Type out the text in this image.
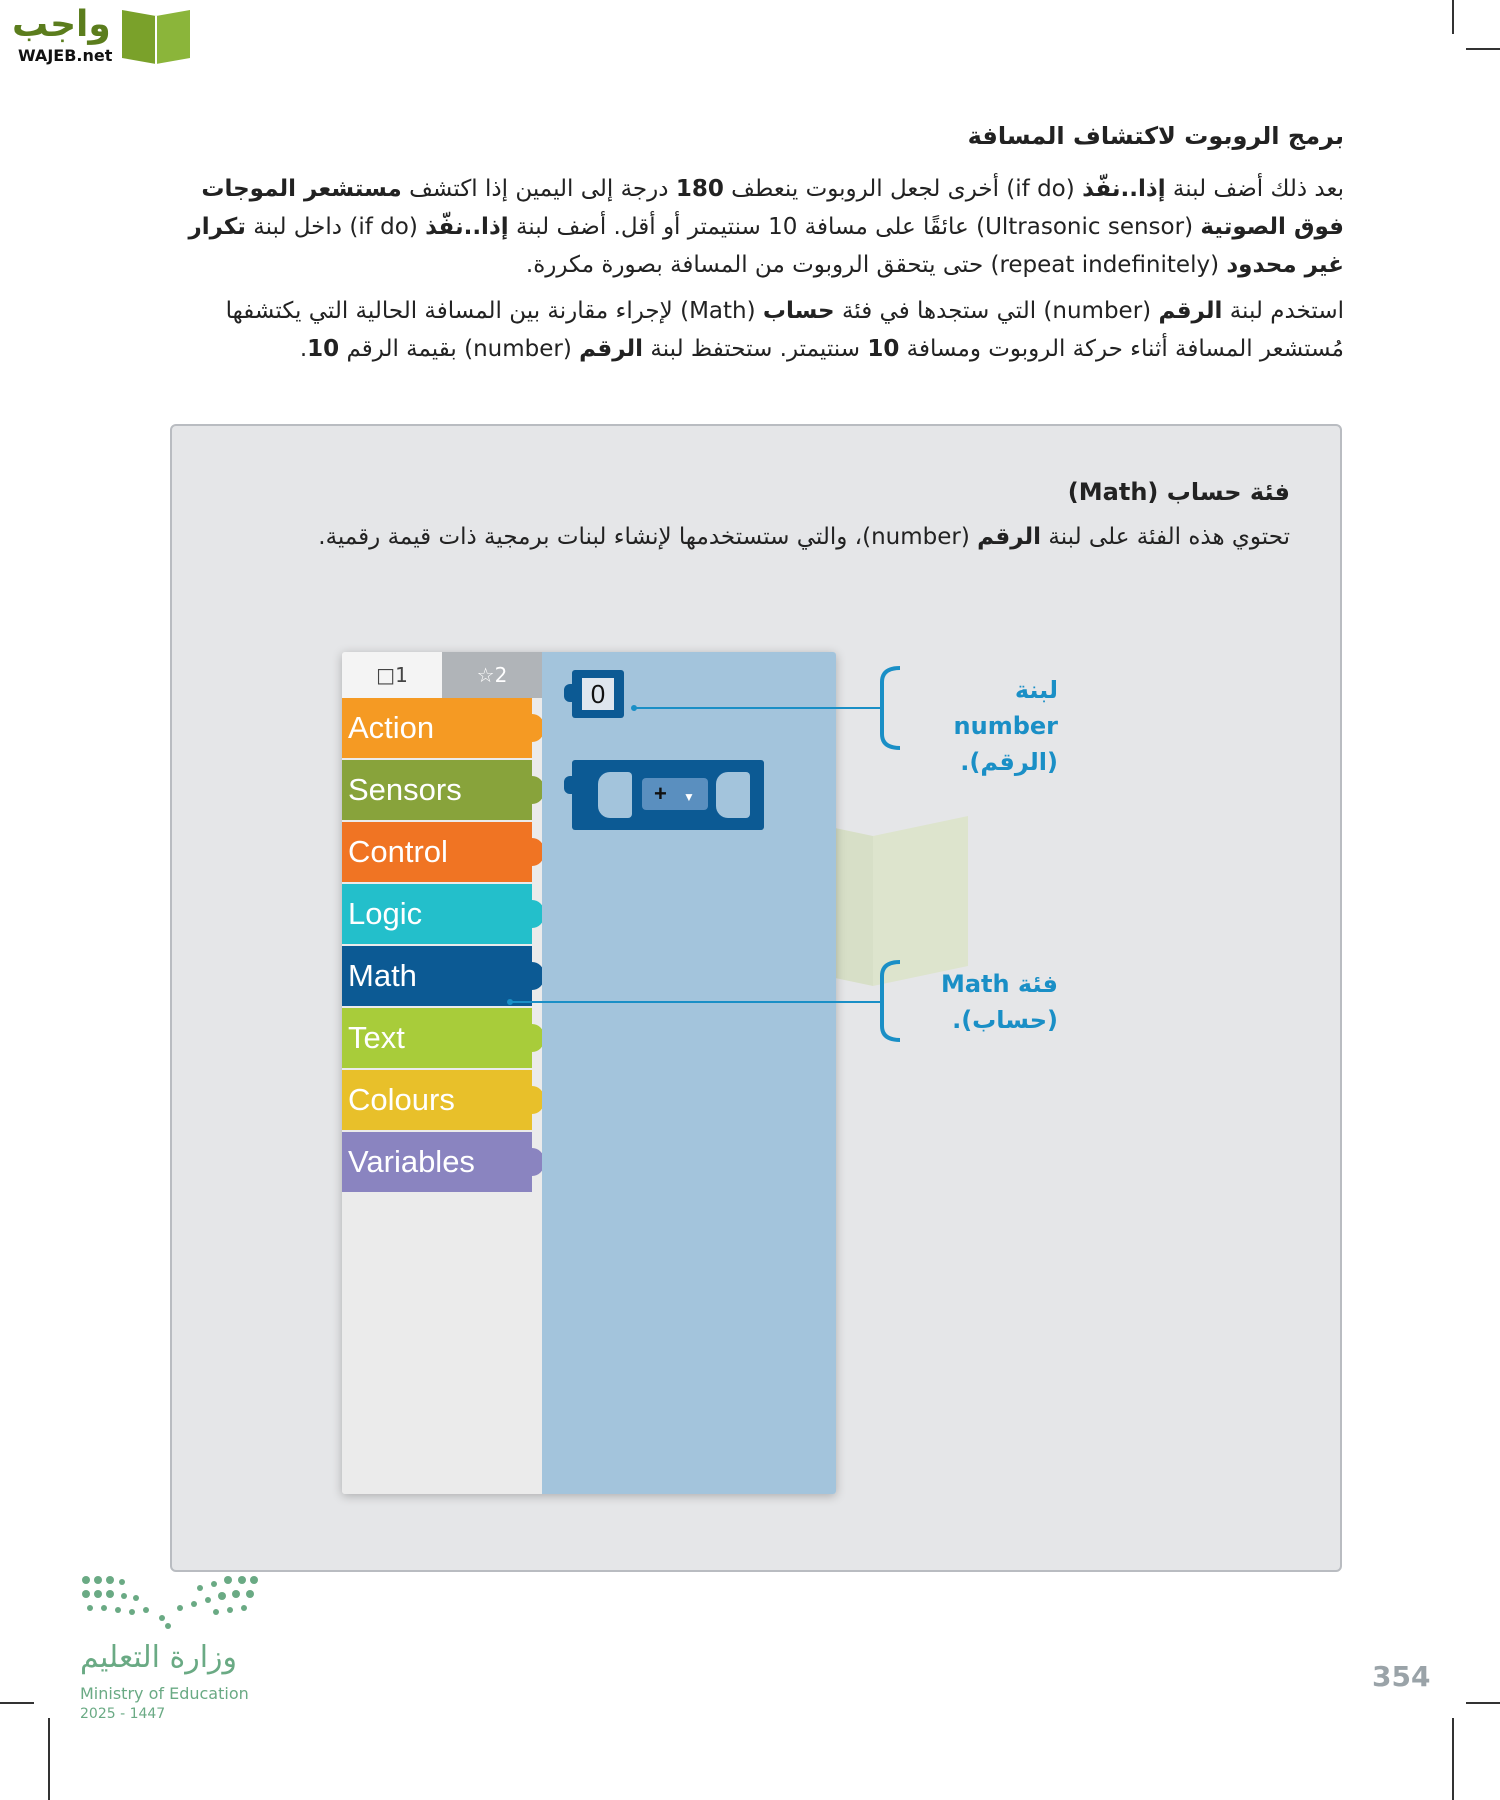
واجب
WAJEB.net
برمج الروبوت لاكتشاف المسافة
بعد ذلك أضف لبنة إذا..نفّذ (if do) أخرى لجعل الروبوت ينعطف 180 درجة إلى اليمين إذا اكتشف مستشعر الموجات فوق الصوتية (Ultrasonic sensor) عائقًا على مسافة 10 سنتيمتر أو أقل. أضف لبنة إذا..نفّذ (if do) داخل لبنة تكرار غير محدود (repeat indefinitely) حتى يتحقق الروبوت من المسافة بصورة مكررة.
استخدم لبنة الرقم (number) التي ستجدها في فئة حساب (Math) لإجراء مقارنة بين المسافة الحالية التي يكتشفها مُستشعر المسافة أثناء حركة الروبوت ومسافة 10 سنتيمتر. ستحتفظ لبنة الرقم (number) بقيمة الرقم 10.
فئة حساب (Math)
تحتوي هذه الفئة على لبنة الرقم (number)، والتي ستستخدمها لإنشاء لبنات برمجية ذات قيمة رقمية.
□1	☆2
Action
Sensors
Control
Logic
Math
Text
Colours
Variables
0
+ ▼
لبنة number
(الرقم).
فئة Math
(حساب).
وزارة التعليم
Ministry of Education
2025 - 1447
354
